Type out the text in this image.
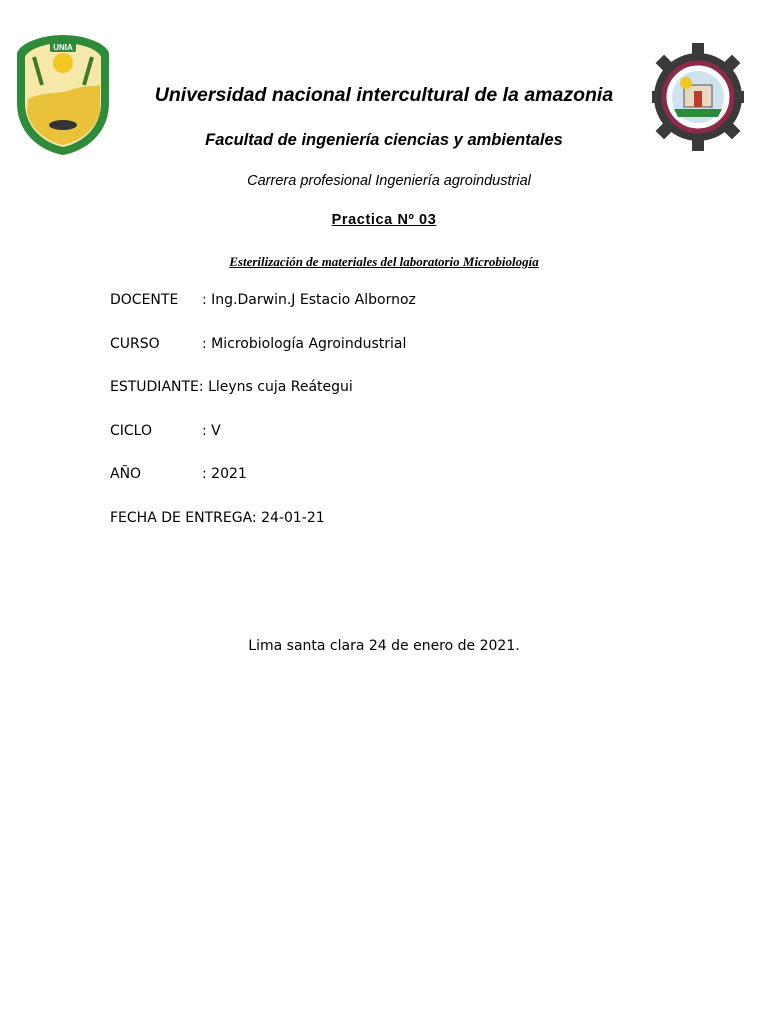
UNIA
Universidad nacional intercultural de la amazonia
Facultad de ingeniería ciencias y ambientales
Carrera profesional Ingeniería agroindustrial
Practica Nº 03
Esterilización de materiales del laboratorio Microbiología
DOCENTE : Ing.Darwin.J Estacio Albornoz
CURSO	: Microbiología Agroindustrial
ESTUDIANTE: Lleyns cuja Reátegui
CICLO	: V
AÑO	: 2021
FECHA DE ENTREGA: 24-01-21
Lima santa clara 24 de enero de 2021.
